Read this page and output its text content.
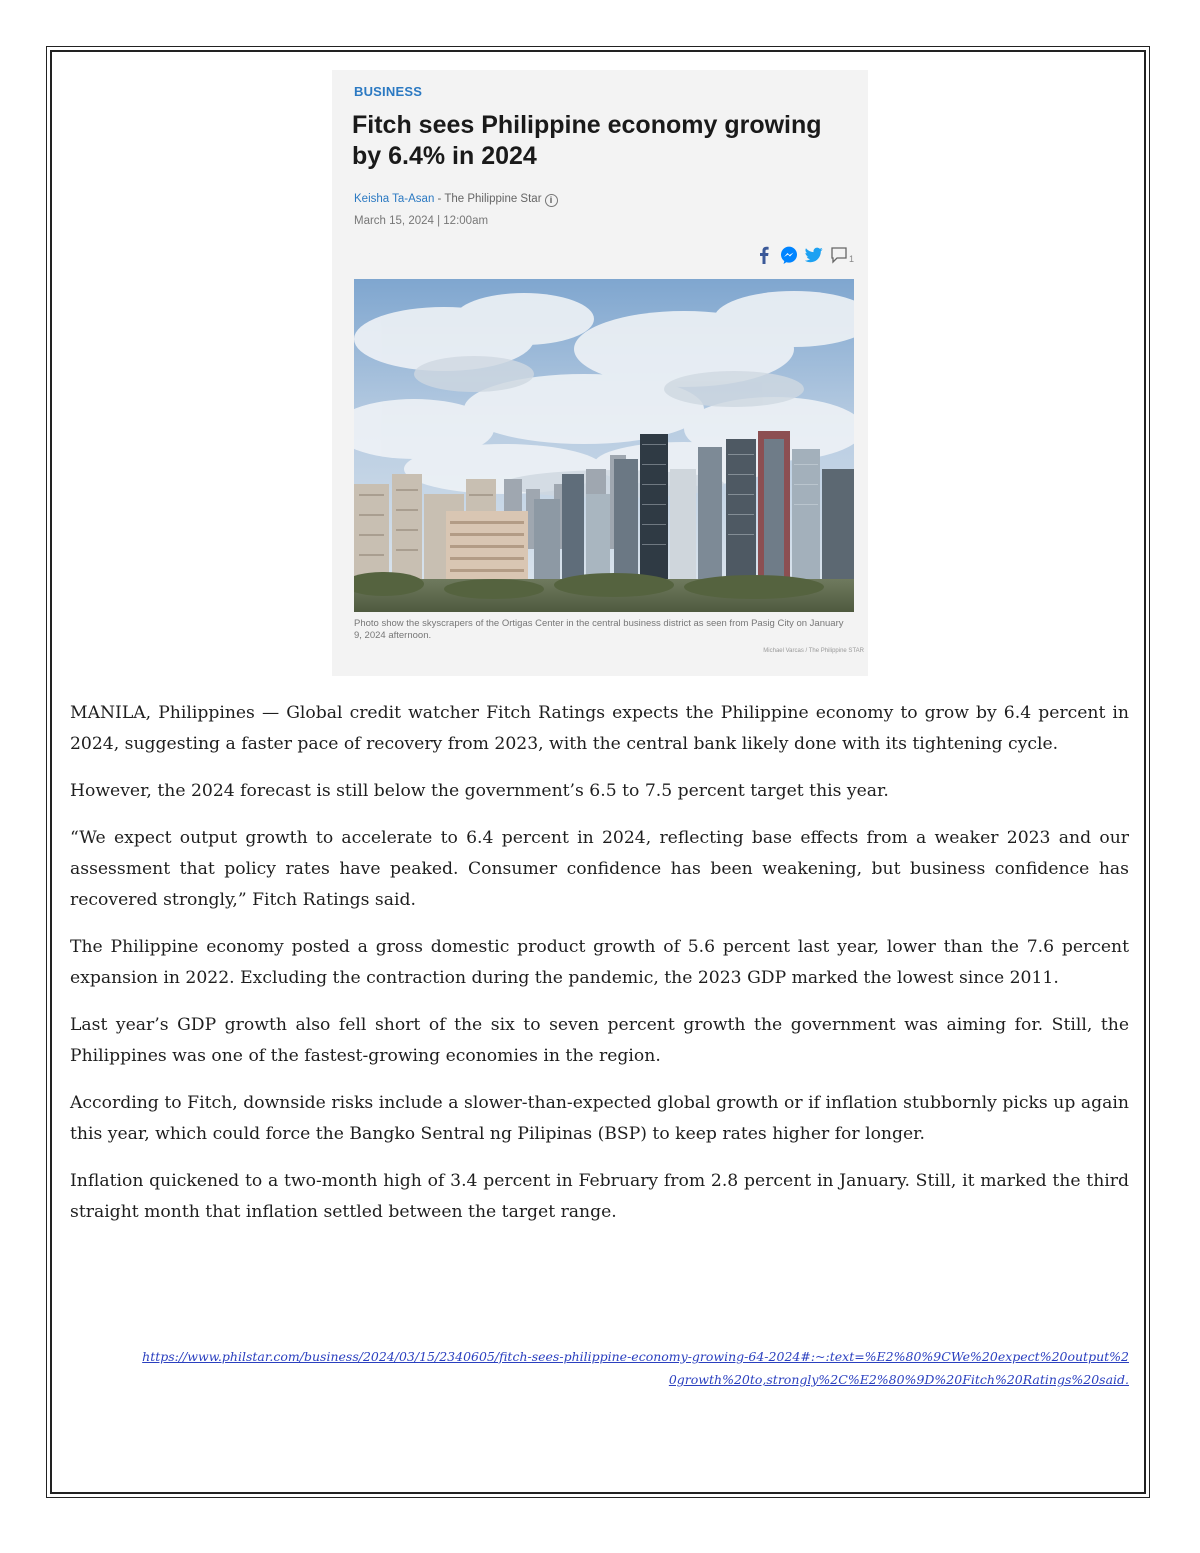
BUSINESS
Fitch sees Philippine economy growing by 6.4% in 2024
Keisha Ta-Asan - The Philippine Star i
March 15, 2024 | 12:00am
1
Photo show the skyscrapers of the Ortigas Center in the central business district as seen from Pasig City on January 9, 2024 afternoon.
Michael Varcas / The Philippine STAR

MANILA, Philippines — Global credit watcher Fitch Ratings expects the Philippine economy to grow by 6.4 percent in 2024, suggesting a faster pace of recovery from 2023, with the central bank likely done with its tightening cycle.

However, the 2024 forecast is still below the government’s 6.5 to 7.5 percent target this year.

“We expect output growth to accelerate to 6.4 percent in 2024, reflecting base effects from a weaker 2023 and our assessment that policy rates have peaked. Consumer confidence has been weakening, but business confidence has recovered strongly,” Fitch Ratings said.

The Philippine economy posted a gross domestic product growth of 5.6 percent last year, lower than the 7.6 percent expansion in 2022. Excluding the contraction during the pandemic, the 2023 GDP marked the lowest since 2011.

Last year’s GDP growth also fell short of the six to seven percent growth the government was aiming for. Still, the Philippines was one of the fastest-growing economies in the region.

According to Fitch, downside risks include a slower-than-expected global growth or if inflation stubbornly picks up again this year, which could force the Bangko Sentral ng Pilipinas (BSP) to keep rates higher for longer.

Inflation quickened to a two-month high of 3.4 percent in February from 2.8 percent in January. Still, it marked the third straight month that inflation settled between the target range.

https://www.philstar.com/business/2024/03/15/2340605/fitch-sees-philippine-economy-growing-64-2024#:~:text=%E2%80%9CWe%20expect%20output%20growth%20to,strongly%2C%E2%80%9D%20Fitch%20Ratings%20said.
